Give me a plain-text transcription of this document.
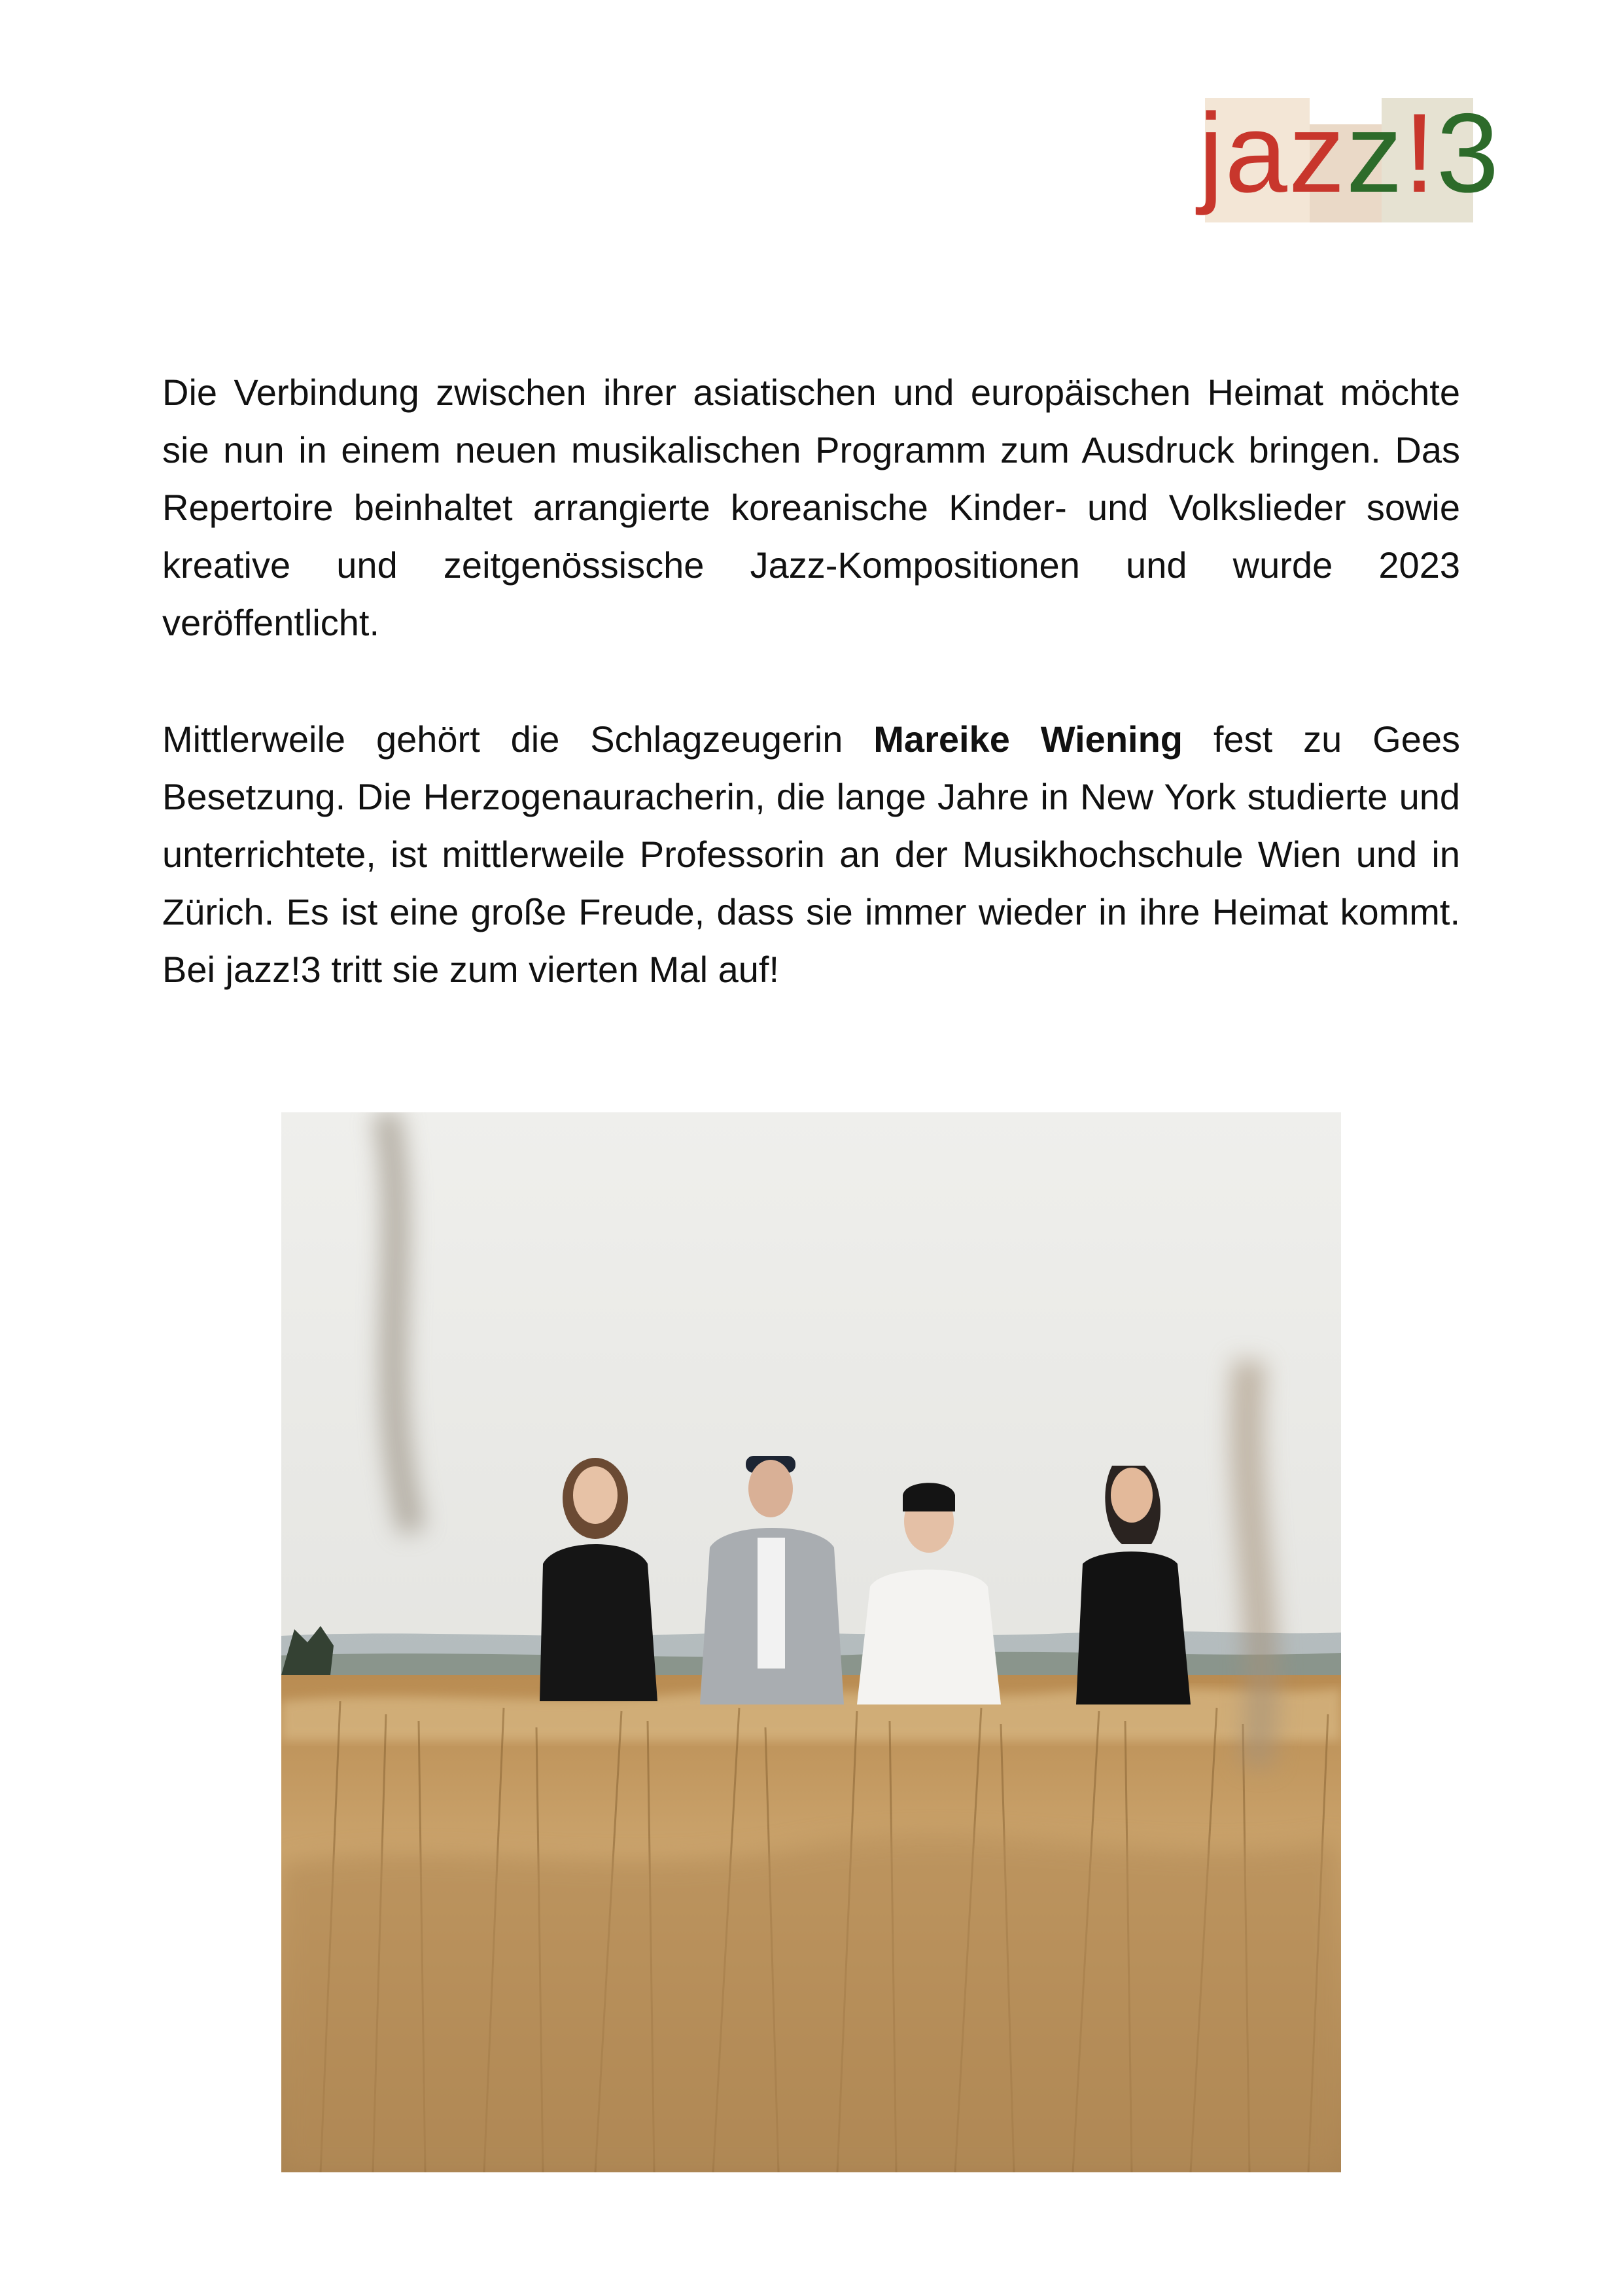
jazz!3

Die Verbindung zwischen ihrer asiatischen und europäischen Heimat möchte sie nun in einem neuen musikalischen Programm zum Ausdruck bringen. Das Repertoire beinhaltet arrangierte koreanische Kinder- und Volkslieder sowie kreative und zeitgenössische Jazz-Kompositionen und wurde 2023 veröffentlicht.

Mittlerweile gehört die Schlagzeugerin Mareike Wiening fest zu Gees Besetzung. Die Herzogenauracherin, die lange Jahre in New York studierte und unterrichtete, ist mittlerweile Professorin an der Musikhochschule Wien und in Zürich. Es ist eine große Freude, dass sie immer wieder in ihre Heimat kommt. Bei jazz!3 tritt sie zum vierten Mal auf!
